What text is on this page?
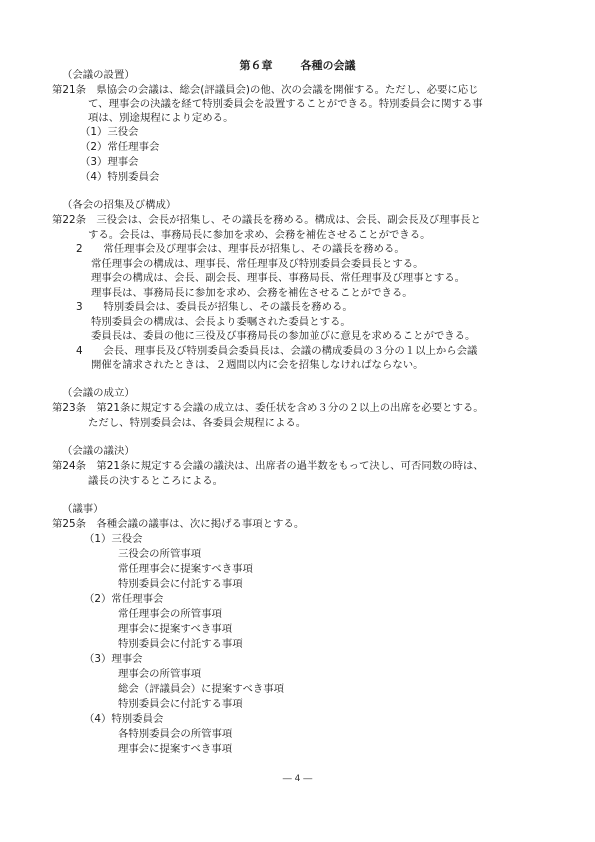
第６章	各種の会議
（会議の設置）
第21条　県協会の会議は、総会(評議員会)の他、次の会議を開催する。ただし、必要に応じ
て、理事会の決議を経て特別委員会を設置することができる。特別委員会に関する事
項は、別途規程により定める。
（1）三役会
（2）常任理事会
（3）理事会
（4）特別委員会
（各会の招集及び構成）
第22条　三役会は、会長が招集し、その議長を務める。構成は、会長、副会長及び理事長と
する。会長は、事務局長に参加を求め、会務を補佐させることができる。
2　　常任理事会及び理事会は、理事長が招集し、その議長を務める。
常任理事会の構成は、理事長、常任理事及び特別委員会委員長とする。
理事会の構成は、会長、副会長、理事長、事務局長、常任理事及び理事とする。
理事長は、事務局長に参加を求め、会務を補佐させることができる。
3　　特別委員会は、委員長が招集し、その議長を務める。
特別委員会の構成は、会長より委嘱された委員とする。
委員長は、委員の他に三役及び事務局長の参加並びに意見を求めることができる。
4　　会長、理事長及び特別委員会委員長は、会議の構成委員の３分の１以上から会議
開催を請求されたときは、２週間以内に会を招集しなければならない。
（会議の成立）
第23条　第21条に規定する会議の成立は、委任状を含め３分の２以上の出席を必要とする。
ただし、特別委員会は、各委員会規程による。
（会議の議決）
第24条　第21条に規定する会議の議決は、出席者の過半数をもって決し、可否同数の時は、
議長の決するところによる。
（議事）
第25条　各種会議の議事は、次に掲げる事項とする。
（1）三役会
三役会の所管事項
常任理事会に提案すべき事項
特別委員会に付託する事項
（2）常任理事会
常任理事会の所管事項
理事会に提案すべき事項
特別委員会に付託する事項
（3）理事会
理事会の所管事項
総会（評議員会）に提案すべき事項
特別委員会に付託する事項
（4）特別委員会
各特別委員会の所管事項
理事会に提案すべき事項
― 4 ―
